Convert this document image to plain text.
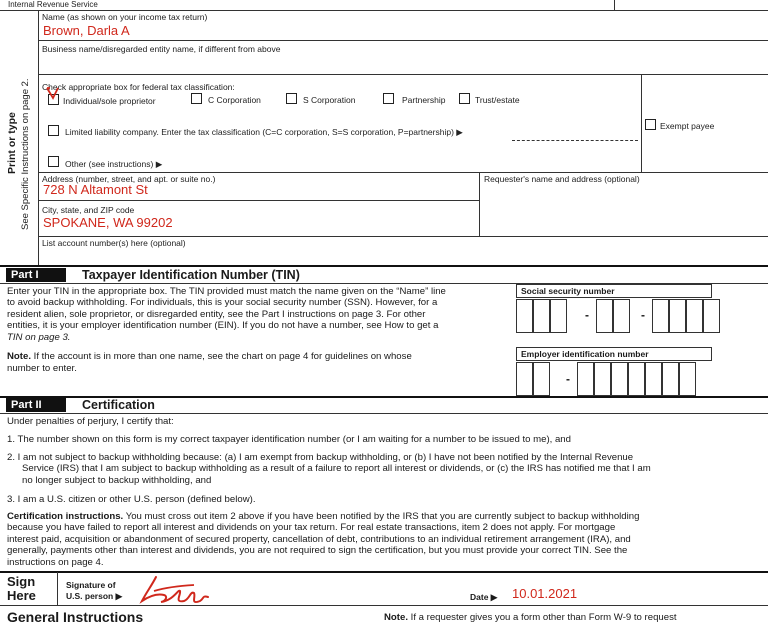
Internal Revenue Service
Print or type See Specific Instructions on page 2.
Name (as shown on your income tax return)
Brown, Darla A
Business name/disregarded entity name, if different from above
Check appropriate box for federal tax classification:
Individual/sole proprietor	C Corporation	S Corporation	Partnership	Trust/estate
Limited liability company. Enter the tax classification (C=C corporation, S=S corporation, P=partnership) ▶
Other (see instructions) ▶
Exempt payee
Address (number, street, and apt. or suite no.)
728 N Altamont St
Requester's name and address (optional)
City, state, and ZIP code
SPOKANE, WA 99202
List account number(s) here (optional)
Part I	Taxpayer Identification Number (TIN)
Enter your TIN in the appropriate box. The TIN provided must match the name given on the “Name” line
to avoid backup withholding. For individuals, this is your social security number (SSN). However, for a
resident alien, sole proprietor, or disregarded entity, see the Part I instructions on page 3. For other
entities, it is your employer identification number (EIN). If you do not have a number, see How to get a
TIN on page 3.
Note. If the account is in more than one name, see the chart on page 4 for guidelines on whose
number to enter.
Social security number
-	-
Employer identification number
-
Part II	Certification
Under penalties of perjury, I certify that:
1. The number shown on this form is my correct taxpayer identification number (or I am waiting for a number to be issued to me), and
2. I am not subject to backup withholding because: (a) I am exempt from backup withholding, or (b) I have not been notified by the Internal Revenue
Service (IRS) that I am subject to backup withholding as a result of a failure to report all interest or dividends, or (c) the IRS has notified me that I am
no longer subject to backup withholding, and
3. I am a U.S. citizen or other U.S. person (defined below).
Certification instructions. You must cross out item 2 above if you have been notified by the IRS that you are currently subject to backup withholding
because you have failed to report all interest and dividends on your tax return. For real estate transactions, item 2 does not apply. For mortgage
interest paid, acquisition or abandonment of secured property, cancellation of debt, contributions to an individual retirement arrangement (IRA), and
generally, payments other than interest and dividends, you are not required to sign the certification, but you must provide your correct TIN. See the
instructions on page 4.
Sign
Here
Signature of
U.S. person ▶	Date ▶ 10.01.2021
General Instructions	Note. If a requester gives you a form other than Form W-9 to request
